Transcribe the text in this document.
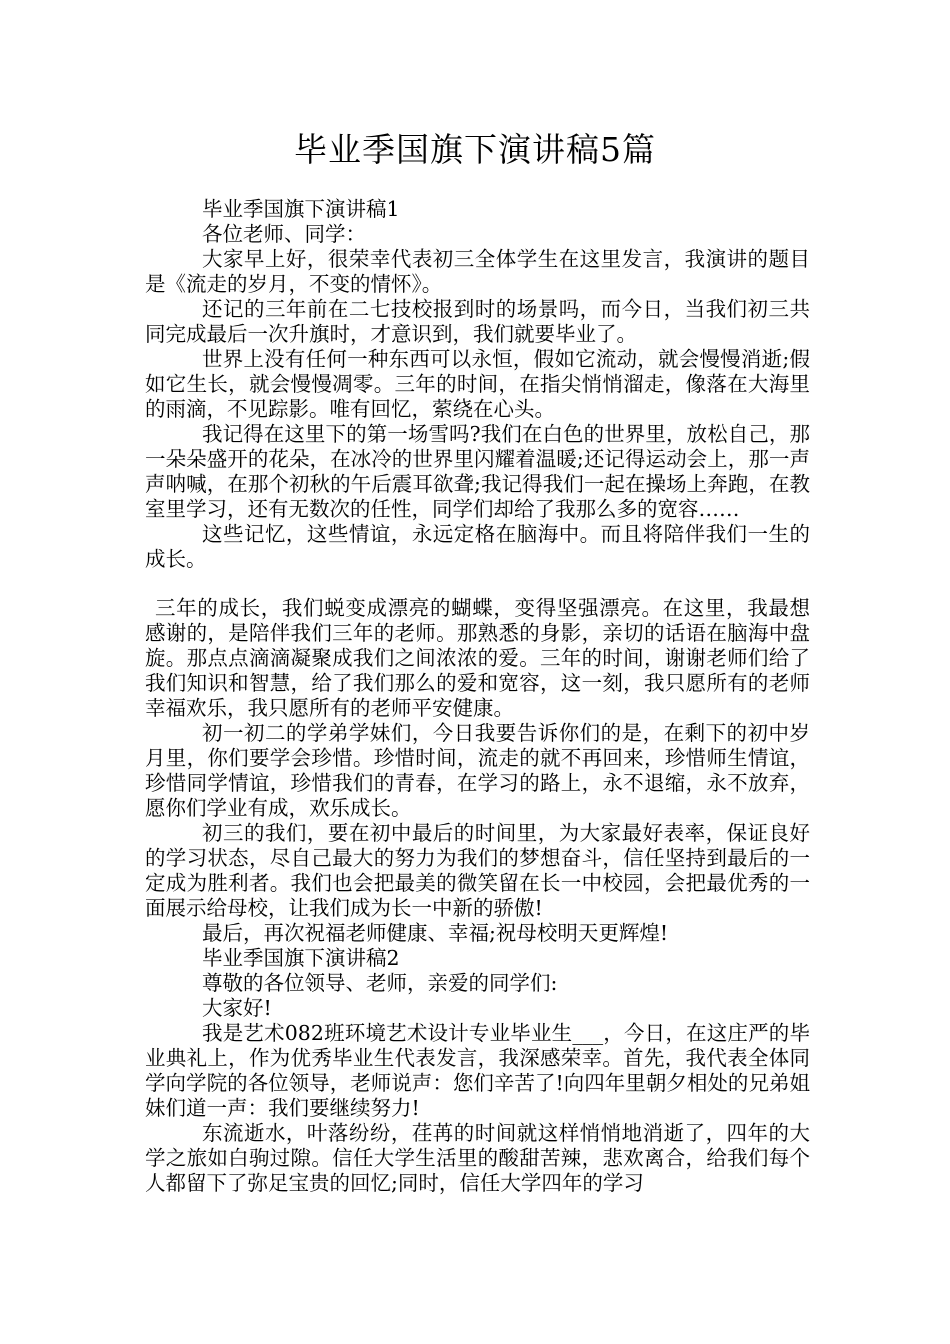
毕业季国旗下演讲稿5篇

毕业季国旗下演讲稿1

各位老师、同学：

大家早上好，很荣幸代表初三全体学生在这里发言，我演讲的题目是《流走的岁月，不变的情怀》。

还记的三年前在二七技校报到时的场景吗，而今日，当我们初三共同完成最后一次升旗时，才意识到，我们就要毕业了。

世界上没有任何一种东西可以永恒，假如它流动，就会慢慢消逝;假如它生长，就会慢慢凋零。三年的时间，在指尖悄悄溜走，像落在大海里的雨滴，不见踪影。唯有回忆，萦绕在心头。

我记得在这里下的第一场雪吗?我们在白色的世界里，放松自己，那一朵朵盛开的花朵，在冰冷的世界里闪耀着温暖;还记得运动会上，那一声声呐喊，在那个初秋的午后震耳欲聋;我记得我们一起在操场上奔跑，在教室里学习，还有无数次的任性，同学们却给了我那么多的宽容……

这些记忆，这些情谊，永远定格在脑海中。而且将陪伴我们一生的成长。

三年的成长，我们蜕变成漂亮的蝴蝶，变得坚强漂亮。在这里，我最想感谢的，是陪伴我们三年的老师。那熟悉的身影，亲切的话语在脑海中盘旋。那点点滴滴凝聚成我们之间浓浓的爱。三年的时间，谢谢老师们给了我们知识和智慧，给了我们那么的爱和宽容，这一刻，我只愿所有的老师幸福欢乐，我只愿所有的老师平安健康。

初一初二的学弟学妹们，今日我要告诉你们的是，在剩下的初中岁月里，你们要学会珍惜。珍惜时间，流走的就不再回来，珍惜师生情谊，珍惜同学情谊，珍惜我们的青春，在学习的路上，永不退缩，永不放弃，愿你们学业有成，欢乐成长。

初三的我们，要在初中最后的时间里，为大家最好表率，保证良好的学习状态，尽自己最大的努力为我们的梦想奋斗，信任坚持到最后的一定成为胜利者。我们也会把最美的微笑留在长一中校园，会把最优秀的一面展示给母校，让我们成为长一中新的骄傲!

最后，再次祝福老师健康、幸福;祝母校明天更辉煌!

毕业季国旗下演讲稿2

尊敬的各位领导、老师，亲爱的同学们:

大家好!

我是艺术082班环境艺术设计专业毕业生___，今日，在这庄严的毕业典礼上，作为优秀毕业生代表发言，我深感荣幸。首先，我代表全体同学向学院的各位领导，老师说声：您们辛苦了!向四年里朝夕相处的兄弟姐妹们道一声：我们要继续努力!

东流逝水，叶落纷纷，荏苒的时间就这样悄悄地消逝了，四年的大学之旅如白驹过隙。信任大学生活里的酸甜苦辣，悲欢离合，给我们每个人都留下了弥足宝贵的回忆;同时，信任大学四年的学习
